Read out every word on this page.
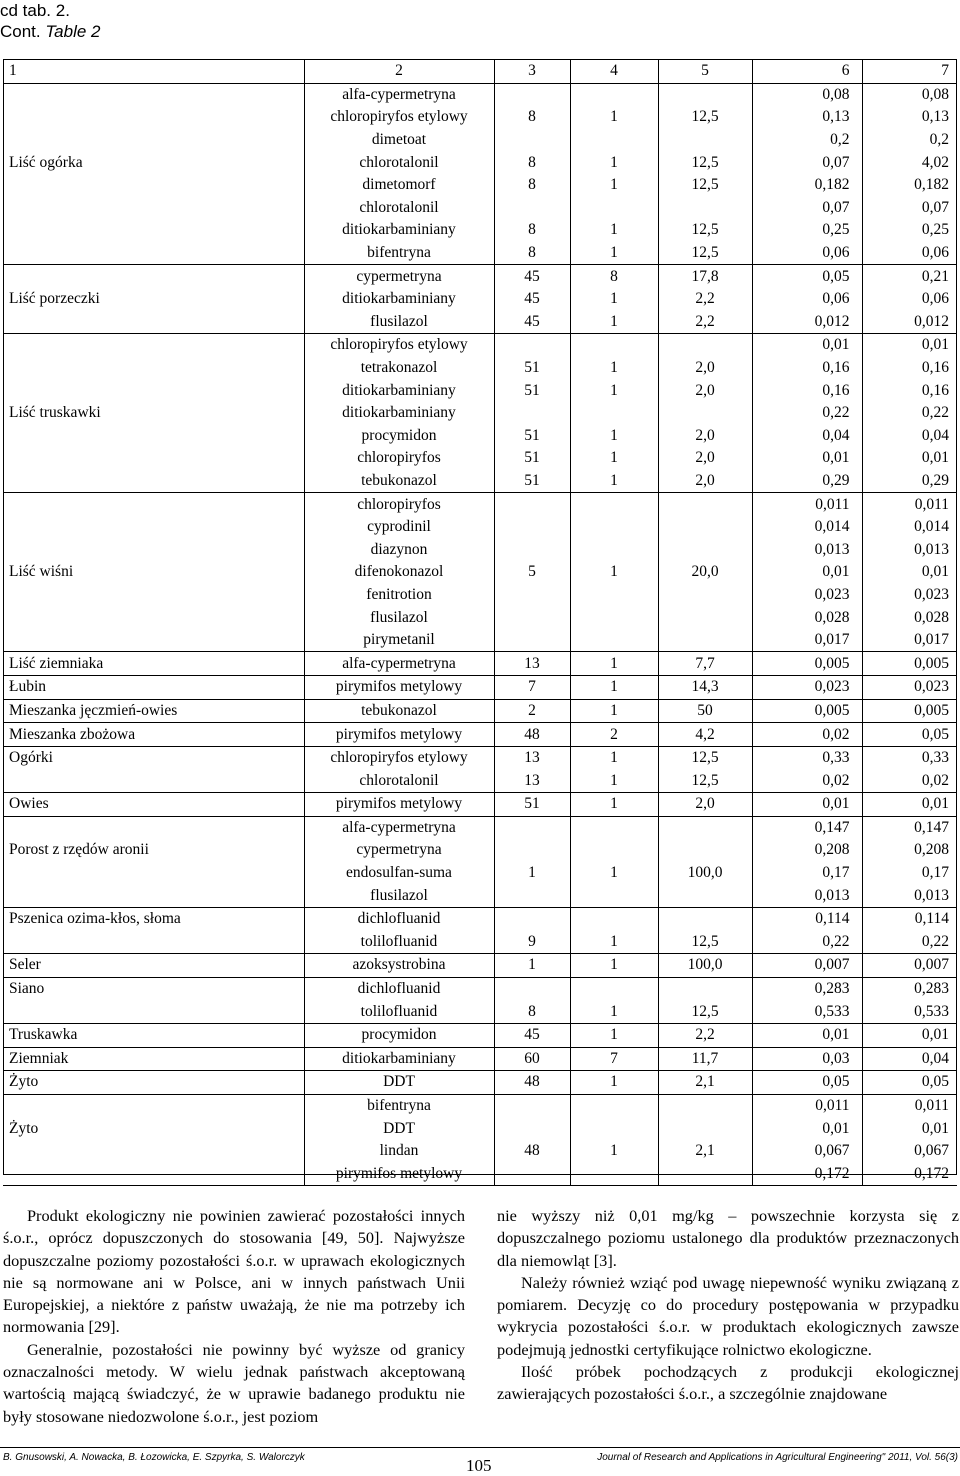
cd tab. 2.
Cont. Table 2
1	2	3	4	5	6	7
	alfa-cypermetryna				0,08	0,08
	chloropiryfos etylowy	8	1	12,5	0,13	0,13
	dimetoat				0,2	0,2
Liść ogórka	chlorotalonil	8	1	12,5	0,07	4,02
	dimetomorf	8	1	12,5	0,182	0,182
	chlorotalonil				0,07	0,07
	ditiokarbaminiany	8	1	12,5	0,25	0,25
	bifentryna	8	1	12,5	0,06	0,06
	cypermetryna	45	8	17,8	0,05	0,21
Liść porzeczki	ditiokarbaminiany	45	1	2,2	0,06	0,06
	flusilazol	45	1	2,2	0,012	0,012
	chloropiryfos etylowy				0,01	0,01
	tetrakonazol	51	1	2,0	0,16	0,16
	ditiokarbaminiany	51	1	2,0	0,16	0,16
Liść truskawki	ditiokarbaminiany				0,22	0,22
	procymidon	51	1	2,0	0,04	0,04
	chloropiryfos	51	1	2,0	0,01	0,01
	tebukonazol	51	1	2,0	0,29	0,29
	chloropiryfos				0,011	0,011
	cyprodinil				0,014	0,014
	diazynon				0,013	0,013
Liść wiśni	difenokonazol	5	1	20,0	0,01	0,01
	fenitrotion				0,023	0,023
	flusilazol				0,028	0,028
	pirymetanil				0,017	0,017
Liść ziemniaka	alfa-cypermetryna	13	1	7,7	0,005	0,005
Łubin	pirymifos metylowy	7	1	14,3	0,023	0,023
Mieszanka jęczmień-owies	tebukonazol	2	1	50	0,005	0,005
Mieszanka zbożowa	pirymifos metylowy	48	2	4,2	0,02	0,05
Ogórki	chloropiryfos etylowy	13	1	12,5	0,33	0,33
	chlorotalonil	13	1	12,5	0,02	0,02
Owies	pirymifos metylowy	51	1	2,0	0,01	0,01
	alfa-cypermetryna				0,147	0,147
Porost z rzędów aronii	cypermetryna				0,208	0,208
	endosulfan-suma	1	1	100,0	0,17	0,17
	flusilazol				0,013	0,013
Pszenica ozima-kłos, słoma	dichlofluanid				0,114	0,114
	tolilofluanid	9	1	12,5	0,22	0,22
Seler	azoksystrobina	1	1	100,0	0,007	0,007
Siano	dichlofluanid				0,283	0,283
	tolilofluanid	8	1	12,5	0,533	0,533
Truskawka	procymidon	45	1	2,2	0,01	0,01
Ziemniak	ditiokarbaminiany	60	7	11,7	0,03	0,04
Żyto	DDT	48	1	2,1	0,05	0,05
	bifentryna				0,011	0,011
Żyto	DDT				0,01	0,01
	lindan	48	1	2,1	0,067	0,067
	pirymifos metylowy				0,172	0,172

Produkt ekologiczny nie powinien zawierać pozostałości innych ś.o.r., oprócz dopuszczonych do stosowania [49, 50]. Najwyższe dopuszczalne poziomy pozostałości ś.o.r. w uprawach ekologicznych nie są normowane ani w Polsce, ani w innych państwach Unii Europejskiej, a niektóre z państw uważają, że nie ma potrzeby ich normowania [29].

Generalnie, pozostałości nie powinny być wyższe od granicy oznaczalności metody. W wielu jednak państwach akceptowaną wartością mającą świadczyć, że w uprawie badanego produktu nie były stosowane niedozwolone ś.o.r., jest poziom

nie wyższy niż 0,01 mg/kg – powszechnie korzysta się z dopuszczalnego poziomu ustalonego dla produktów przeznaczonych dla niemowląt [3].

Należy również wziąć pod uwagę niepewność wyniku związaną z pomiarem. Decyzję co do procedury postępowania w przypadku wykrycia pozostałości ś.o.r. w produktach ekologicznych zawsze podejmują jednostki certyfikujące rolnictwo ekologiczne.

Ilość próbek pochodzących z produkcji ekologicznej zawierających pozostałości ś.o.r., a szczególnie znajdowane

B. Gnusowski, A. Nowacka, B. Łozowicka, E. Szpyrka, S. Walorczyk	Journal of Research and Applications in Agricultural Engineering" 2011, Vol. 56(3)
105
